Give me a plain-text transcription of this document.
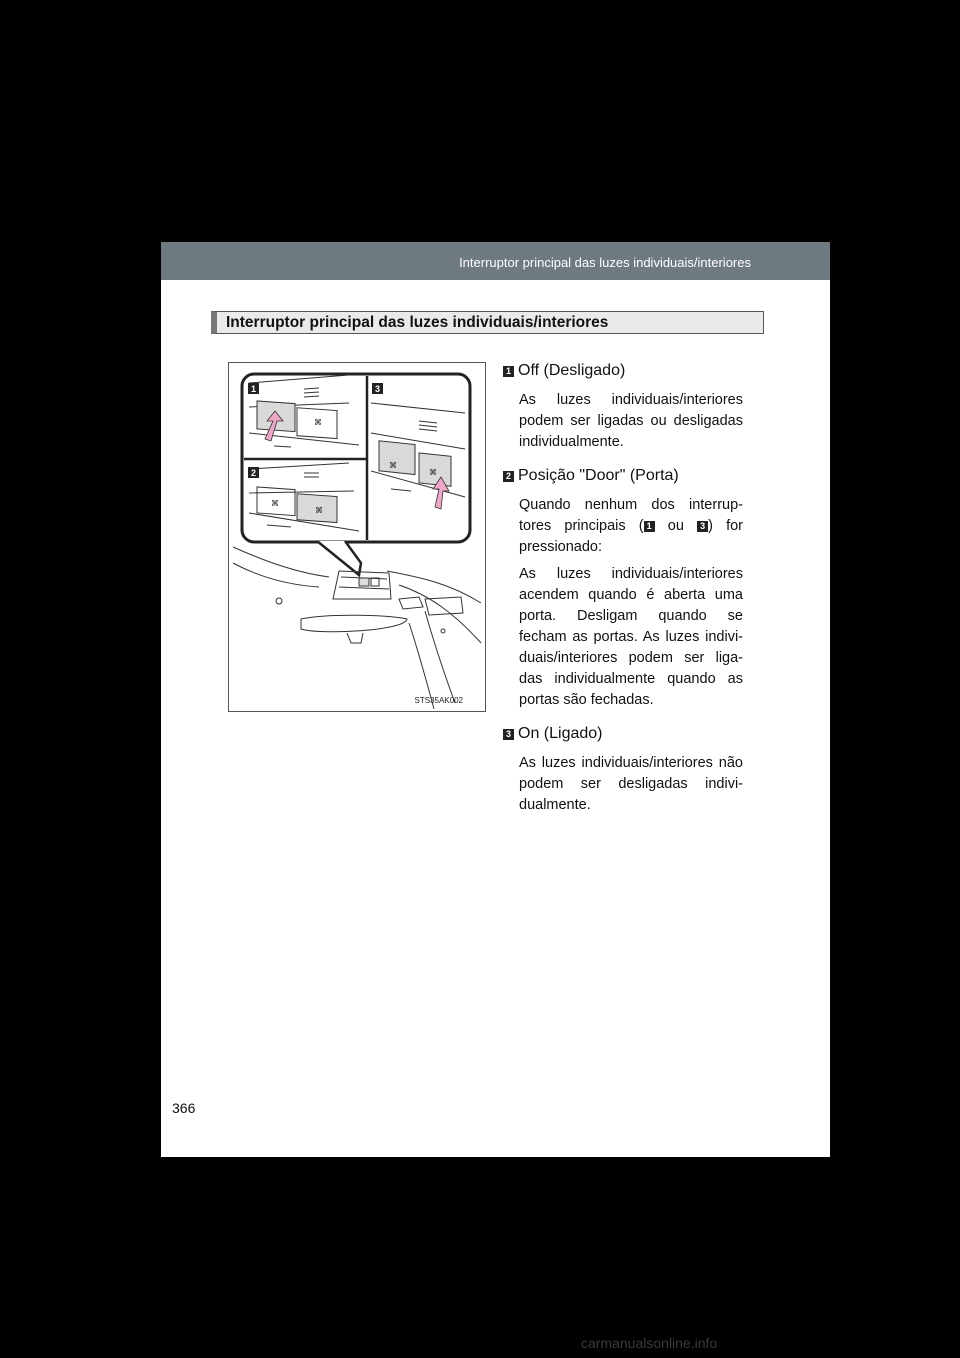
Interruptor principal das luzes individuais/interiores
Interruptor principal das luzes individuais/interiores
⌘
⌘
⌘
⌘
⌘
1	3
2
STS35AK002
1 Off (Desligado)

As luzes individuais/interiores podem ser ligadas ou desligadas individualmente.

2 Posição "Door" (Porta)

Quando nenhum dos interrup-tores principais ( 1 ou 3 ) for pressionado:

As luzes individuais/interiores acendem quando é aberta uma porta. Desligam quando se fecham as portas. As luzes indivi-duais/interiores podem ser liga-das individualmente quando as portas são fechadas.

3 On (Ligado)

As luzes individuais/interiores não podem ser desligadas indivi-dualmente.

366
carmanualsonline.info
